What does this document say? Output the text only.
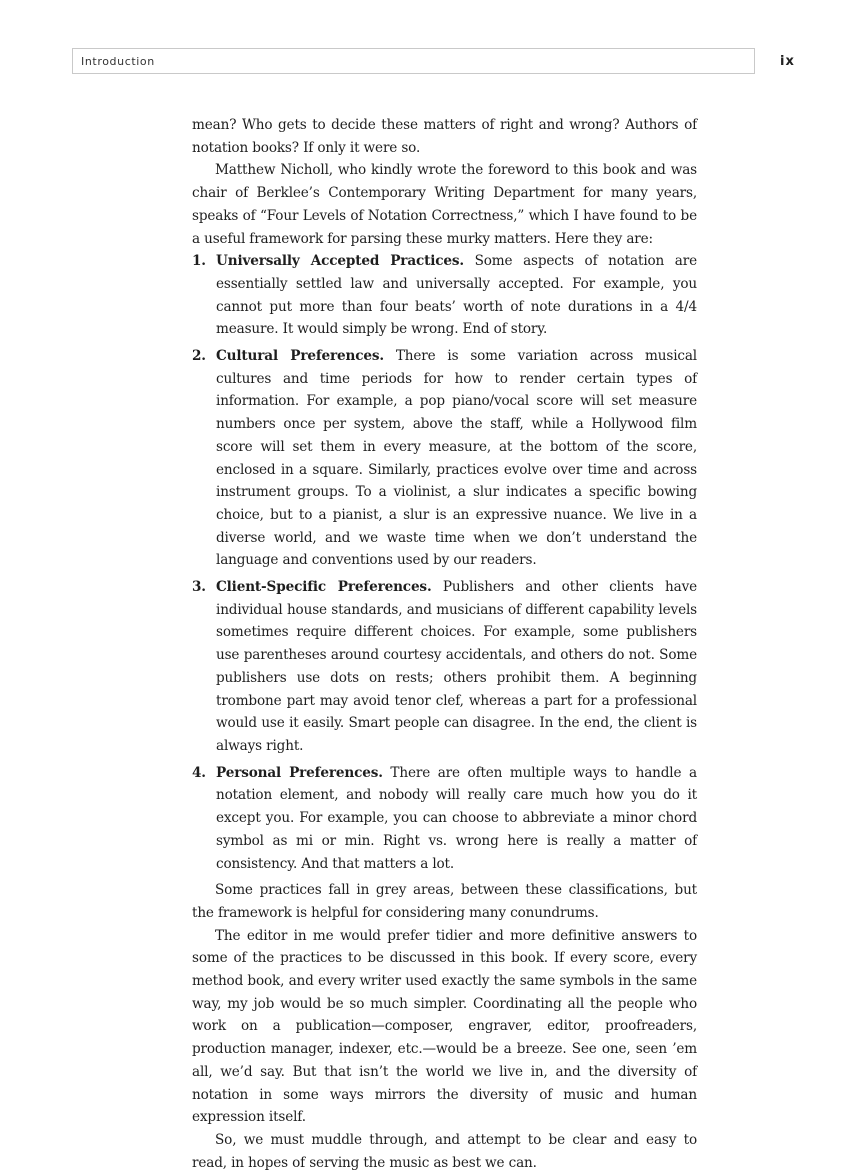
Introduction	ix

mean? Who gets to decide these matters of right and wrong? Authors of notation books? If only it were so.

Matthew Nicholl, who kindly wrote the foreword to this book and was chair of Berklee’s Contemporary Writing Department for many years, speaks of “Four Levels of Notation Correctness,” which I have found to be a useful framework for parsing these murky matters. Here they are:

1. Universally Accepted Practices. Some aspects of notation are essentially settled law and universally accepted. For example, you cannot put more than four beats’ worth of note durations in a 4/4 measure. It would simply be wrong. End of story.
2. Cultural Preferences. There is some variation across musical cultures and time periods for how to render certain types of information. For example, a pop piano/vocal score will set measure numbers once per system, above the staff, while a Hollywood film score will set them in every measure, at the bottom of the score, enclosed in a square. Similarly, practices evolve over time and across instrument groups. To a violinist, a slur indicates a specific bowing choice, but to a pianist, a slur is an expressive nuance. We live in a diverse world, and we waste time when we don’t understand the language and conventions used by our readers.
3. Client-Specific Preferences. Publishers and other clients have individual house standards, and musicians of different capability levels sometimes require different choices. For example, some publishers use parentheses around courtesy accidentals, and others do not. Some publishers use dots on rests; others prohibit them. A beginning trombone part may avoid tenor clef, whereas a part for a professional would use it easily. Smart people can disagree. In the end, the client is always right.
4. Personal Preferences. There are often multiple ways to handle a notation element, and nobody will really care much how you do it except you. For example, you can choose to abbreviate a minor chord symbol as mi or min. Right vs. wrong here is really a matter of consistency. And that matters a lot.

Some practices fall in grey areas, between these classifications, but the framework is helpful for considering many conundrums.

The editor in me would prefer tidier and more definitive answers to some of the practices to be discussed in this book. If every score, every method book, and every writer used exactly the same symbols in the same way, my job would be so much simpler. Coordinating all the people who work on a publication—composer, engraver, editor, proofreaders, production manager, indexer, etc.—would be a breeze. See one, seen ’em all, we’d say. But that isn’t the world we live in, and the diversity of notation in some ways mirrors the diversity of music and human expression itself.

So, we must muddle through, and attempt to be clear and easy to read, in hopes of serving the music as best we can.
